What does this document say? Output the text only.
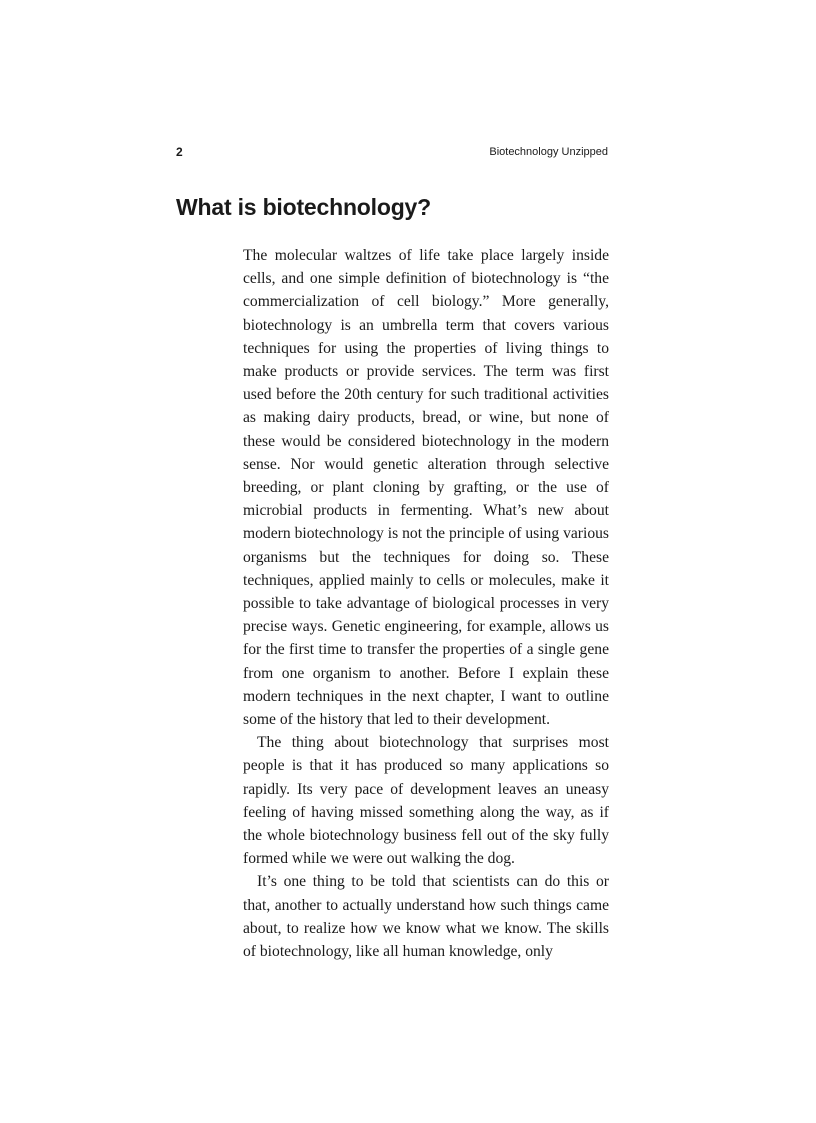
2	Biotechnology Unzipped
What is biotechnology?

The molecular waltzes of life take place largely inside cells, and one simple definition of biotechnology is “the commercialization of cell biology.” More generally, biotechnology is an umbrella term that covers various techniques for using the properties of living things to make products or provide services. The term was first used before the 20th century for such traditional activities as making dairy products, bread, or wine, but none of these would be considered biotechnology in the modern sense. Nor would genetic alteration through selective breeding, or plant cloning by grafting, or the use of microbial products in fermenting. What’s new about modern biotechnology is not the principle of using various organisms but the techniques for doing so. These techniques, applied mainly to cells or molecules, make it possible to take advantage of biological processes in very precise ways. Genetic engineering, for example, allows us for the first time to transfer the properties of a single gene from one organism to another. Before I explain these modern techniques in the next chapter, I want to outline some of the history that led to their development.

The thing about biotechnology that surprises most people is that it has produced so many applications so rapidly. Its very pace of development leaves an uneasy feeling of having missed something along the way, as if the whole biotechnology business fell out of the sky fully formed while we were out walking the dog.

It’s one thing to be told that scientists can do this or that, another to actually understand how such things came about, to realize how we know what we know. The skills of biotechnology, like all human knowledge, only
